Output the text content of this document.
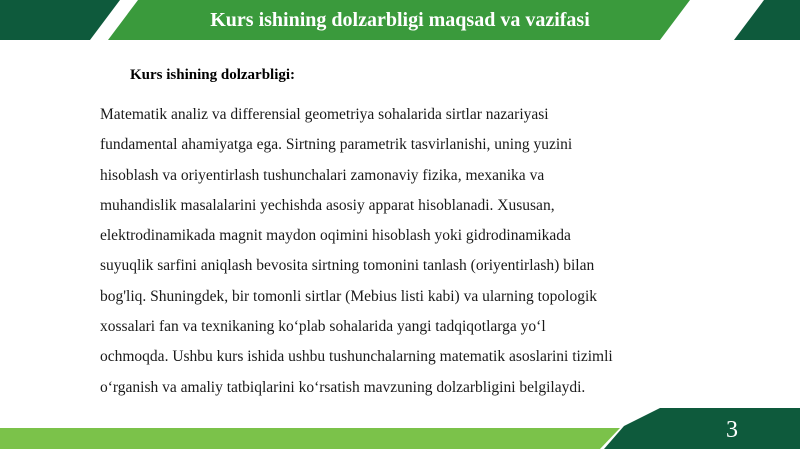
Kurs ishining dolzarbligi maqsad va vazifasi
Kurs ishining dolzarbligi:
Matematik analiz va differensial geometriya sohalarida sirtlar nazariyasi
fundamental ahamiyatga ega. Sirtning parametrik tasvirlanishi, uning yuzini
hisoblash va oriyentirlash tushunchalari zamonaviy fizika, mexanika va
muhandislik masalalarini yechishda asosiy apparat hisoblanadi. Xususan,
elektrodinamikada magnit maydon oqimini hisoblash yoki gidrodinamikada
suyuqlik sarfini aniqlash bevosita sirtning tomonini tanlash (oriyentirlash) bilan
bog'liq. Shuningdek, bir tomonli sirtlar (Mebius listi kabi) va ularning topologik
xossalari fan va texnikaning ko‘plab sohalarida yangi tadqiqotlarga yo‘l
ochmoqda. Ushbu kurs ishida ushbu tushunchalarning matematik asoslarini tizimli
o‘rganish va amaliy tatbiqlarini ko‘rsatish mavzuning dolzarbligini belgilaydi.
3
